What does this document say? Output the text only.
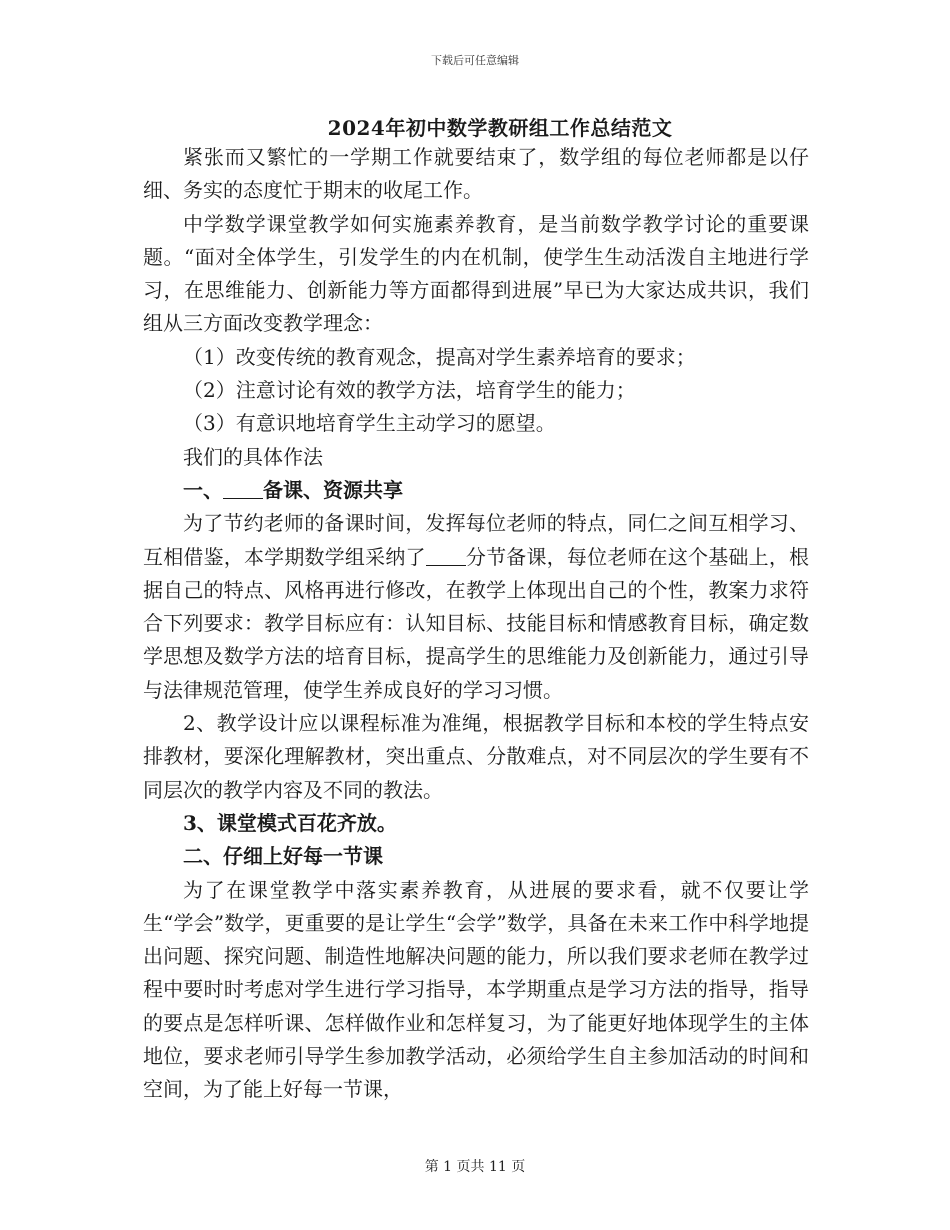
下载后可任意编辑
2024年初中数学教研组工作总结范文

紧张而又繁忙的一学期工作就要结束了，数学组的每位老师都是以仔细、务实的态度忙于期末的收尾工作。

中学数学课堂教学如何实施素养教育，是当前数学教学讨论的重要课题。“面对全体学生，引发学生的内在机制，使学生生动活泼自主地进行学习，在思维能力、创新能力等方面都得到进展”早已为大家达成共识，我们组从三方面改变教学理念：

（1）改变传统的教育观念，提高对学生素养培育的要求；

（2）注意讨论有效的教学方法，培育学生的能力；

（3）有意识地培育学生主动学习的愿望。

我们的具体作法

一、 备课、资源共享

为了节约老师的备课时间，发挥每位老师的特点，同仁之间互相学习、互相借鉴，本学期数学组采纳了 分节备课，每位老师在这个基础上，根据自己的特点、风格再进行修改，在教学上体现出自己的个性，教案力求符合下列要求：教学目标应有：认知目标、技能目标和情感教育目标，确定数学思想及数学方法的培育目标，提高学生的思维能力及创新能力，通过引导与法律规范管理，使学生养成良好的学习习惯。

2、教学设计应以课程标准为准绳，根据教学目标和本校的学生特点安排教材，要深化理解教材，突出重点、分散难点，对不同层次的学生要有不同层次的教学内容及不同的教法。

3、课堂模式百花齐放。

二、仔细上好每一节课

为了在课堂教学中落实素养教育，从进展的要求看，就不仅要让学生“学会”数学，更重要的是让学生“会学”数学，具备在未来工作中科学地提出问题、探究问题、制造性地解决问题的能力，所以我们要求老师在教学过程中要时时考虑对学生进行学习指导，本学期重点是学习方法的指导，指导的要点是怎样听课、怎样做作业和怎样复习，为了能更好地体现学生的主体地位，要求老师引导学生参加教学活动，必须给学生自主参加活动的时间和空间，为了能上好每一节课，

第 1 页共 11 页
